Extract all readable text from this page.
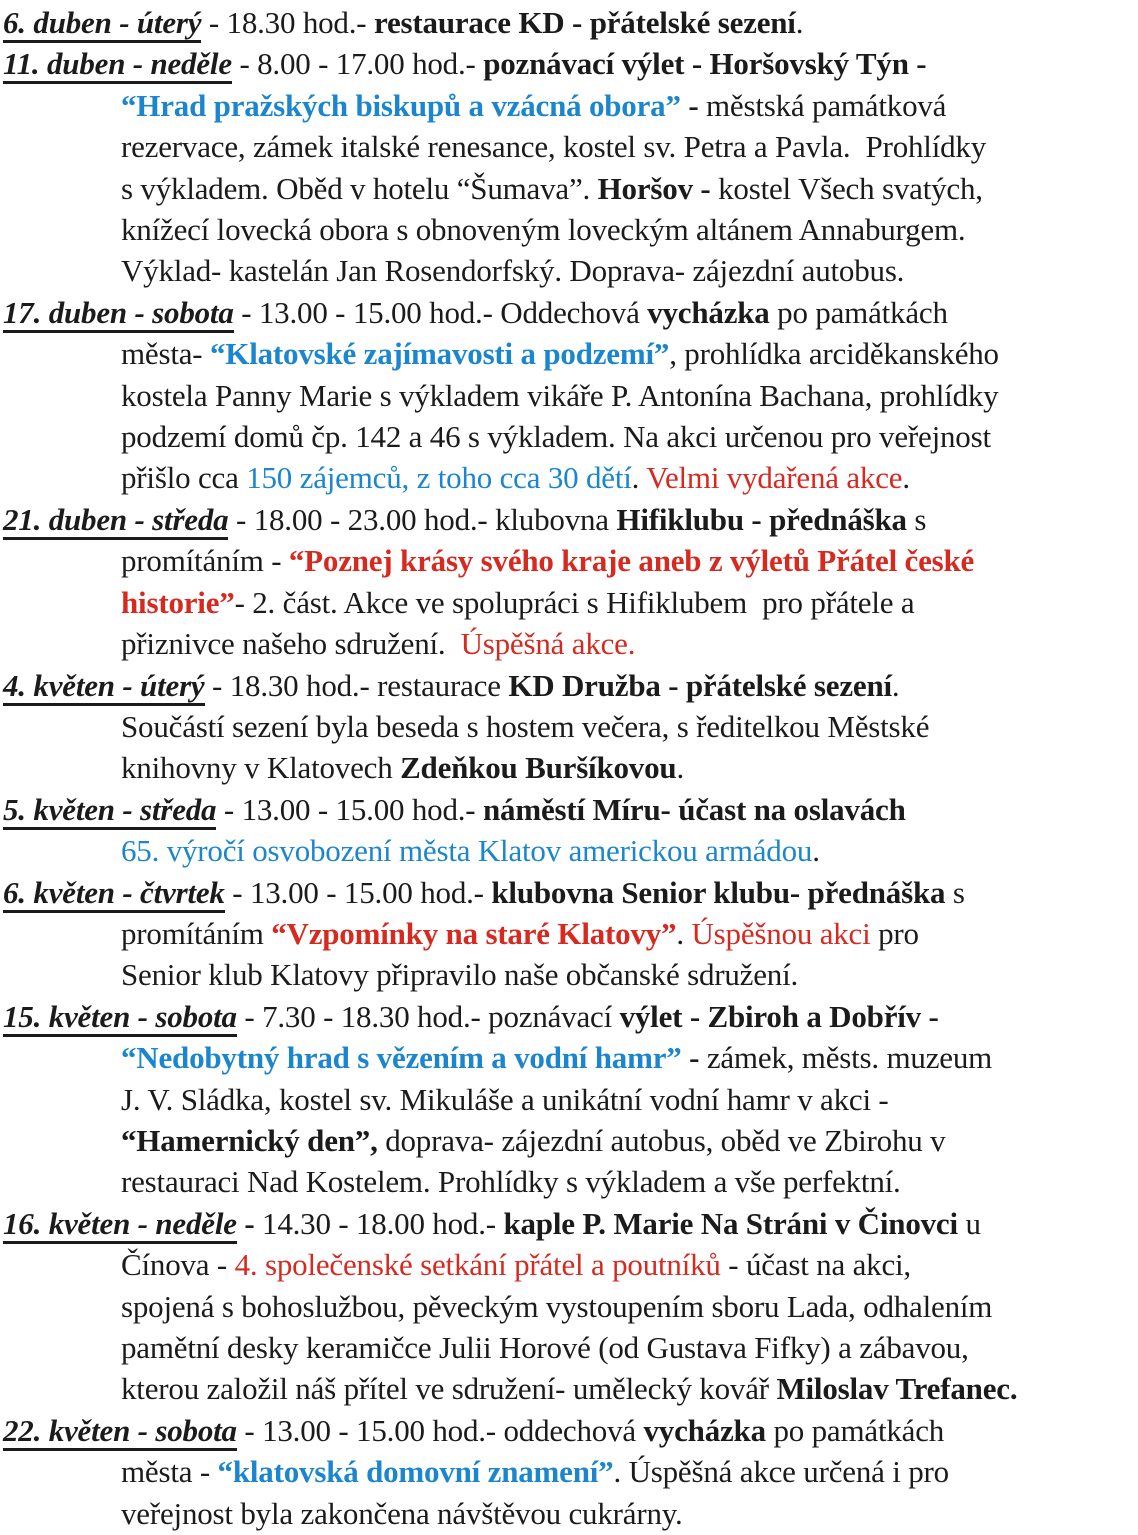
6. duben - úterý - 18.30 hod.- restaurace KD - přátelské sezení.
11. duben - neděle - 8.00 - 17.00 hod.- poznávací výlet - Horšovský Týn -
“Hrad pražských biskupů a vzácná obora” - městská památková
rezervace, zámek italské renesance, kostel sv. Petra a Pavla.  Prohlídky
s výkladem. Oběd v hotelu “Šumava”. Horšov - kostel Všech svatých,
knížecí lovecká obora s obnoveným loveckým altánem Annaburgem.
Výklad- kastelán Jan Rosendorfský. Doprava- zájezdní autobus.
17. duben - sobota - 13.00 - 15.00 hod.- Oddechová vycházka po památkách
města- “Klatovské zajímavosti a podzemí”, prohlídka arciděkanského
kostela Panny Marie s výkladem vikáře P. Antonína Bachana, prohlídky
podzemí domů čp. 142 a 46 s výkladem. Na akci určenou pro veřejnost
přišlo cca 150 zájemců, z toho cca 30 dětí. Velmi vydařená akce.
21. duben - středa - 18.00 - 23.00 hod.- klubovna Hifiklubu - přednáška s
promítáním - “Poznej krásy svého kraje aneb z výletů Přátel české
historie”- 2. část. Akce ve spolupráci s Hifiklubem  pro přátele a
přiznivce našeho sdružení.  Úspěšná akce.
4. květen - úterý - 18.30 hod.- restaurace KD Družba - přátelské sezení.
Součástí sezení byla beseda s hostem večera, s ředitelkou Městské
knihovny v Klatovech Zdeňkou Buršíkovou.
5. květen - středa - 13.00 - 15.00 hod.- náměstí Míru- účast na oslavách
65. výročí osvobození města Klatov americkou armádou.
6. květen - čtvrtek - 13.00 - 15.00 hod.- klubovna Senior klubu- přednáška s
promítáním “Vzpomínky na staré Klatovy”. Úspěšnou akci pro
Senior klub Klatovy připravilo naše občanské sdružení.
15. květen - sobota - 7.30 - 18.30 hod.- poznávací výlet - Zbiroh a Dobřív -
“Nedobytný hrad s vězením a vodní hamr” - zámek, městs. muzeum
J. V. Sládka, kostel sv. Mikuláše a unikátní vodní hamr v akci -
“Hamernický den”, doprava- zájezdní autobus, oběd ve Zbirohu v
restauraci Nad Kostelem. Prohlídky s výkladem a vše perfektní.
16. květen - neděle - 14.30 - 18.00 hod.- kaple P. Marie Na Stráni v Činovci u
Čínova - 4. společenské setkání přátel a poutníků - účast na akci,
spojená s bohoslužbou, pěveckým vystoupením sboru Lada, odhalením
pamětní desky keramičce Julii Horové (od Gustava Fifky) a zábavou,
kterou založil náš přítel ve sdružení- umělecký kovář Miloslav Trefanec.
22. květen - sobota - 13.00 - 15.00 hod.- oddechová vycházka po památkách
města - “klatovská domovní znamení”. Úspěšná akce určená i pro
veřejnost byla zakončena návštěvou cukrárny.
